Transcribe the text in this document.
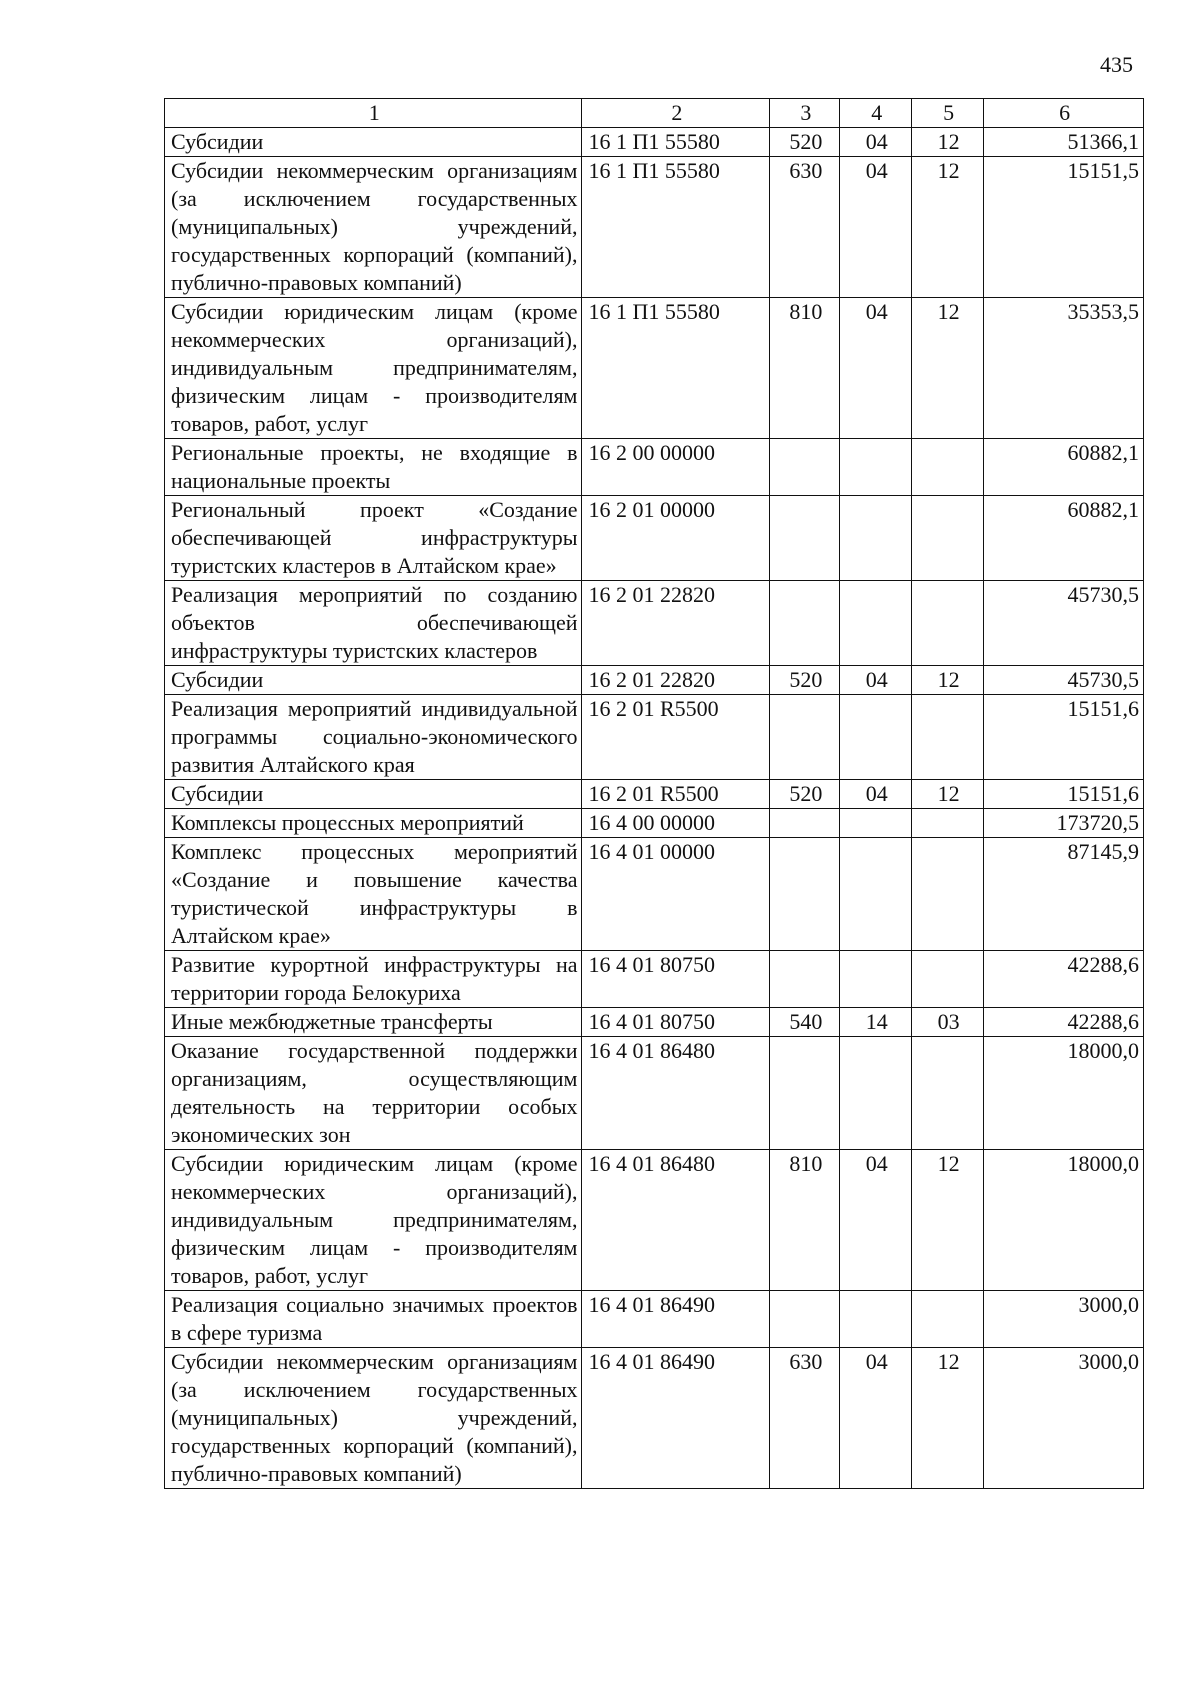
435
1	2	3	4	5	6
Субсидии	16 1 П1 55580	520	04	12	51366,1
Субсидии некоммерческим организациям (за исключением государственных (муниципальных) учреждений, государственных корпораций (компаний), публично-правовых компаний)	16 1 П1 55580	630	04	12	15151,5
Субсидии юридическим лицам (кроме некоммерческих организаций), индивидуальным предпринимателям, физическим лицам - производителям товаров, работ, услуг	16 1 П1 55580	810	04	12	35353,5
Региональные проекты, не входящие в национальные проекты	16 2 00 00000				60882,1
Региональный проект «Создание обеспечивающей инфраструктуры туристских кластеров в Алтайском крае»	16 2 01 00000				60882,1
Реализация мероприятий по созданию объектов обеспечивающей инфраструктуры туристских кластеров	16 2 01 22820				45730,5
Субсидии	16 2 01 22820	520	04	12	45730,5
Реализация мероприятий индивидуальной программы социально-экономического развития Алтайского края	16 2 01 R5500				15151,6
Субсидии	16 2 01 R5500	520	04	12	15151,6
Комплексы процессных мероприятий	16 4 00 00000				173720,5
Комплекс процессных мероприятий «Создание и повышение качества туристической инфраструктуры в Алтайском крае»	16 4 01 00000				87145,9
Развитие курортной инфраструктуры на территории города Белокуриха	16 4 01 80750				42288,6
Иные межбюджетные трансферты	16 4 01 80750	540	14	03	42288,6
Оказание государственной поддержки организациям, осуществляющим деятельность на территории особых экономических зон	16 4 01 86480				18000,0
Субсидии юридическим лицам (кроме некоммерческих организаций), индивидуальным предпринимателям, физическим лицам - производителям товаров, работ, услуг	16 4 01 86480	810	04	12	18000,0
Реализация социально значимых проектов в сфере туризма	16 4 01 86490				3000,0
Субсидии некоммерческим организациям (за исключением государственных (муниципальных) учреждений, государственных корпораций (компаний), публично-правовых компаний)	16 4 01 86490	630	04	12	3000,0
